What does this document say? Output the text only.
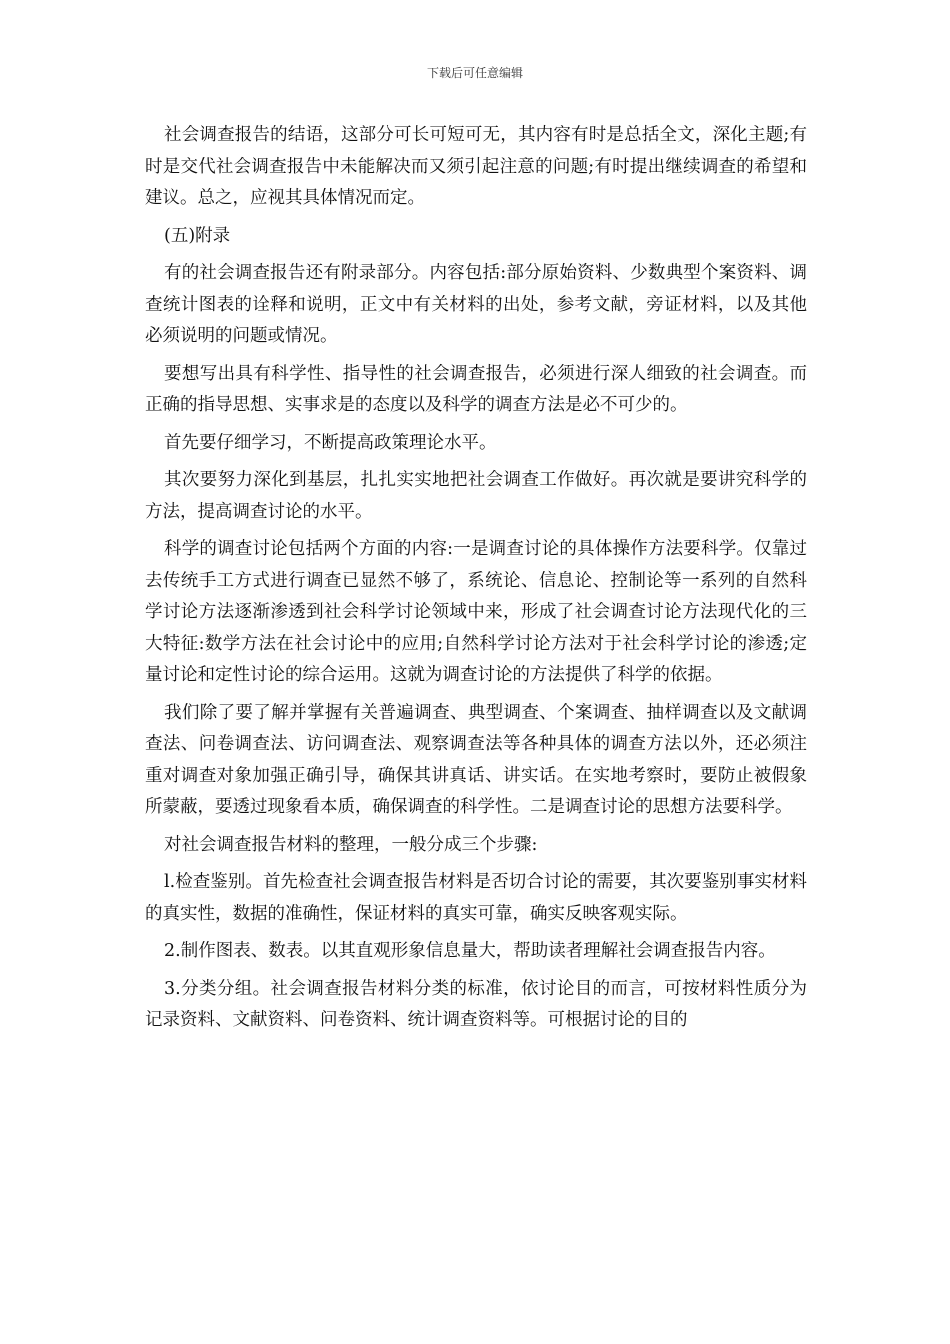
下载后可任意编辑

社会调查报告的结语，这部分可长可短可无，其内容有时是总括全文，深化主题;有时是交代社会调查报告中未能解决而又须引起注意的问题;有时提出继续调查的希望和建议。总之，应视其具体情况而定。

(五)附录

有的社会调查报告还有附录部分。内容包括:部分原始资料、少数典型个案资料、调查统计图表的诠释和说明，正文中有关材料的出处，参考文献，旁证材料，以及其他必须说明的问题或情况。

要想写出具有科学性、指导性的社会调查报告，必须进行深人细致的社会调查。而正确的指导思想、实事求是的态度以及科学的调查方法是必不可少的。

首先要仔细学习，不断提高政策理论水平。

其次要努力深化到基层，扎扎实实地把社会调查工作做好。再次就是要讲究科学的方法，提高调查讨论的水平。

科学的调查讨论包括两个方面的内容:一是调查讨论的具体操作方法要科学。仅靠过去传统手工方式进行调查已显然不够了，系统论、信息论、控制论等一系列的自然科学讨论方法逐渐渗透到社会科学讨论领域中来，形成了社会调查讨论方法现代化的三大特征:数学方法在社会讨论中的应用;自然科学讨论方法对于社会科学讨论的渗透;定量讨论和定性讨论的综合运用。这就为调查讨论的方法提供了科学的依据。

我们除了要了解并掌握有关普遍调查、典型调查、个案调查、抽样调查以及文献调查法、问卷调查法、访问调查法、观察调查法等各种具体的调查方法以外，还必须注重对调查对象加强正确引导，确保其讲真话、讲实话。在实地考察时，要防止被假象所蒙蔽，要透过现象看本质，确保调查的科学性。二是调查讨论的思想方法要科学。

对社会调查报告材料的整理，一般分成三个步骤:

l.检查鉴别。首先检查社会调查报告材料是否切合讨论的需要，其次要鉴别事实材料的真实性，数据的准确性，保证材料的真实可靠，确实反映客观实际。

2.制作图表、数表。以其直观形象信息量大，帮助读者理解社会调查报告内容。

3.分类分组。社会调查报告材料分类的标准，依讨论目的而言，可按材料性质分为记录资料、文献资料、问卷资料、统计调查资料等。可根据讨论的目的
